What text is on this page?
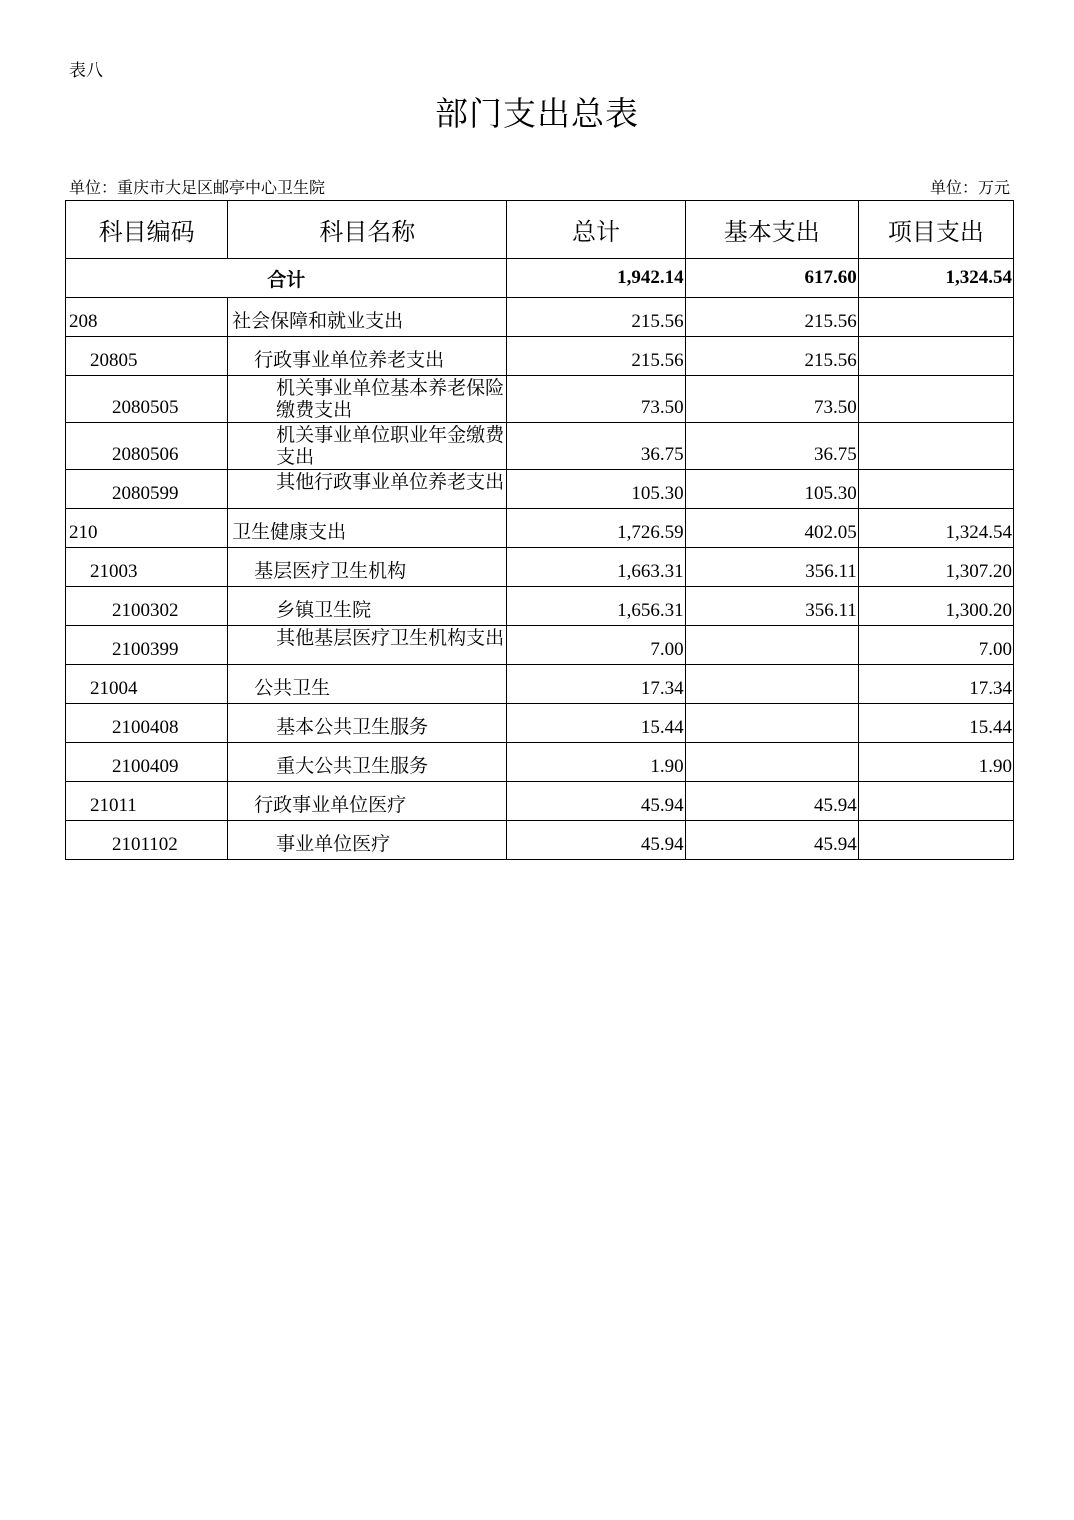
表八
部门支出总表
单位：重庆市大足区邮亭中心卫生院	单位：万元
科目编码	科目名称	总计	基本支出	项目支出
合计		1,942.14	617.60	1,324.54
208	社会保障和就业支出	215.56	215.56	
20805	行政事业单位养老支出	215.56	215.56	
2080505	机关事业单位基本养老保险缴费支出	73.50	73.50	
2080506	机关事业单位职业年金缴费支出	36.75	36.75	
2080599	其他行政事业单位养老支出	105.30	105.30	
210	卫生健康支出	1,726.59	402.05	1,324.54
21003	基层医疗卫生机构	1,663.31	356.11	1,307.20
2100302	乡镇卫生院	1,656.31	356.11	1,300.20
2100399	其他基层医疗卫生机构支出	7.00		7.00
21004	公共卫生	17.34		17.34
2100408	基本公共卫生服务	15.44		15.44
2100409	重大公共卫生服务	1.90		1.90
21011	行政事业单位医疗	45.94	45.94	
2101102	事业单位医疗	45.94	45.94	
